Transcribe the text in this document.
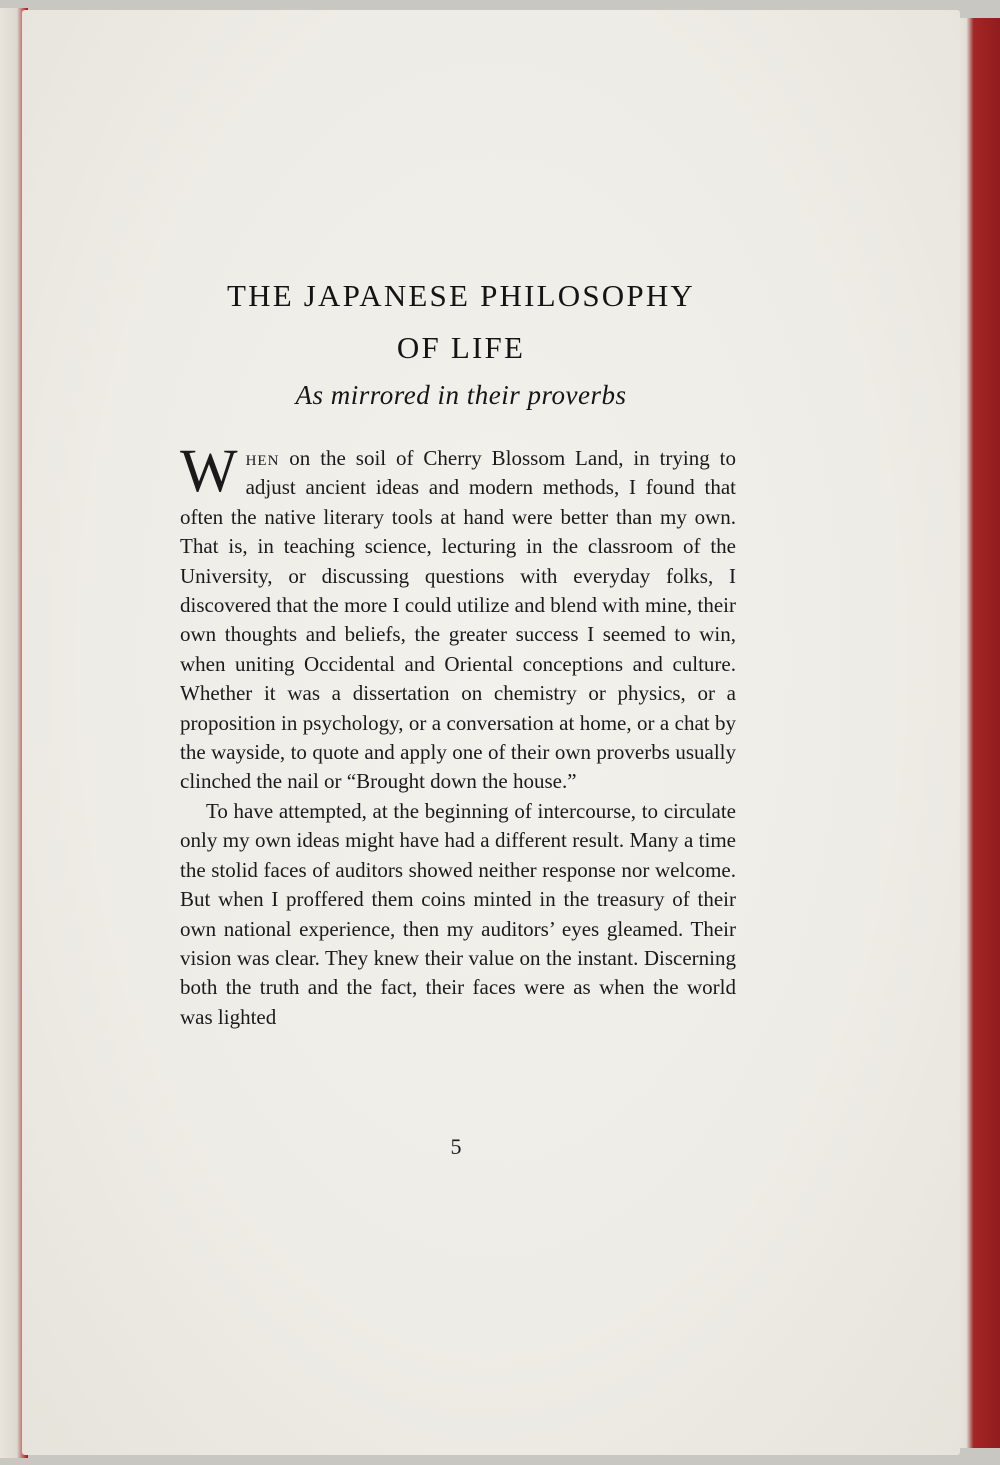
THE JAPANESE PHILOSOPHY
OF LIFE
As mirrored in their proverbs

When on the soil of Cherry Blossom Land, in trying to adjust ancient ideas and modern methods, I found that often the native literary tools at hand were better than my own. That is, in teaching science, lecturing in the classroom of the University, or discussing questions with everyday folks, I discovered that the more I could utilize and blend with mine, their own thoughts and beliefs, the greater success I seemed to win, when uniting Occidental and Oriental conceptions and culture. Whether it was a dissertation on chemistry or physics, or a proposition in psychology, or a conversation at home, or a chat by the wayside, to quote and apply one of their own proverbs usually clinched the nail or “Brought down the house.”

To have attempted, at the beginning of intercourse, to circulate only my own ideas might have had a different result. Many a time the stolid faces of auditors showed neither response nor welcome. But when I proffered them coins minted in the treasury of their own national experience, then my auditors’ eyes gleamed. Their vision was clear. They knew their value on the instant. Discerning both the truth and the fact, their faces were as when the world was lighted

5
